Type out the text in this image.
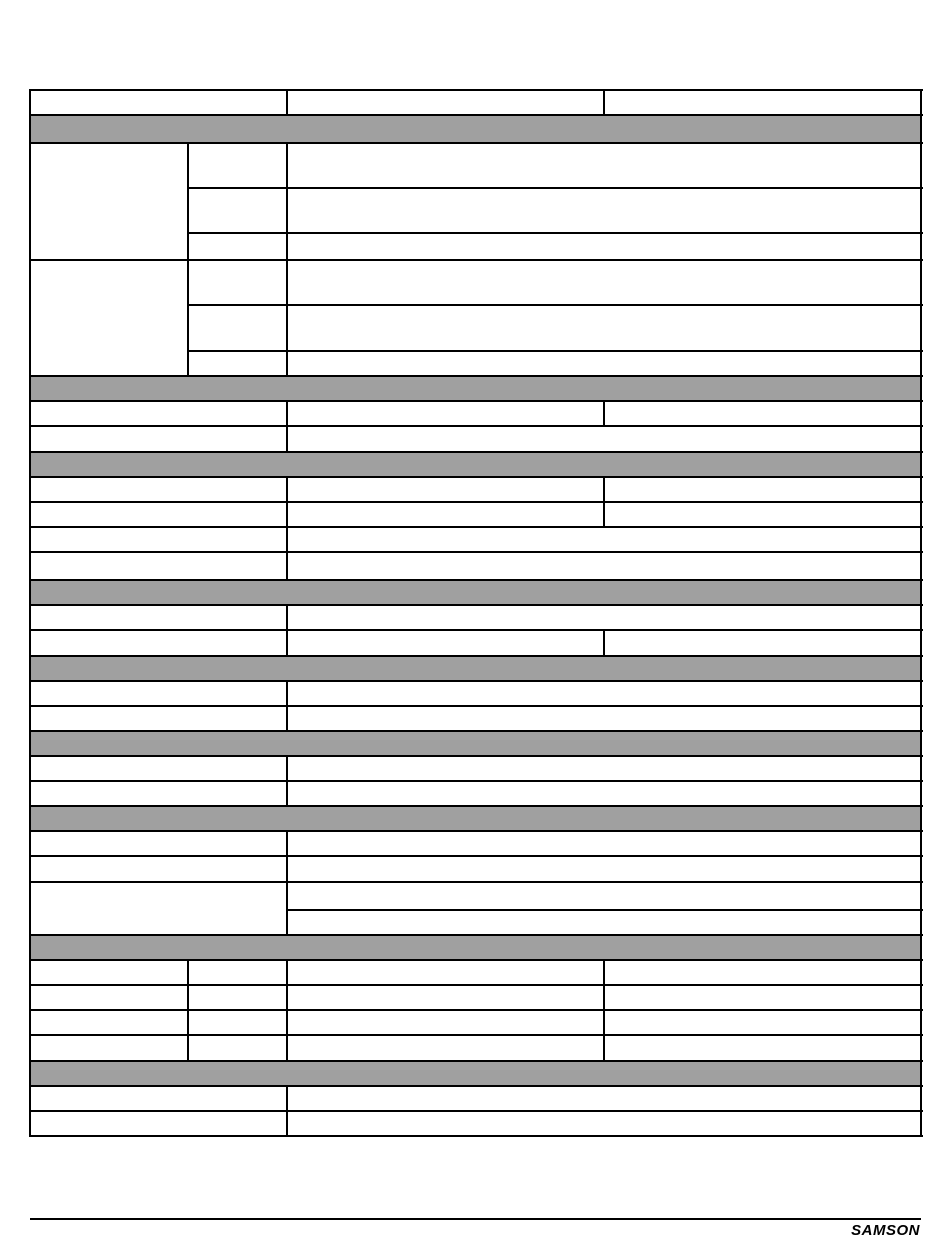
SAMSON
